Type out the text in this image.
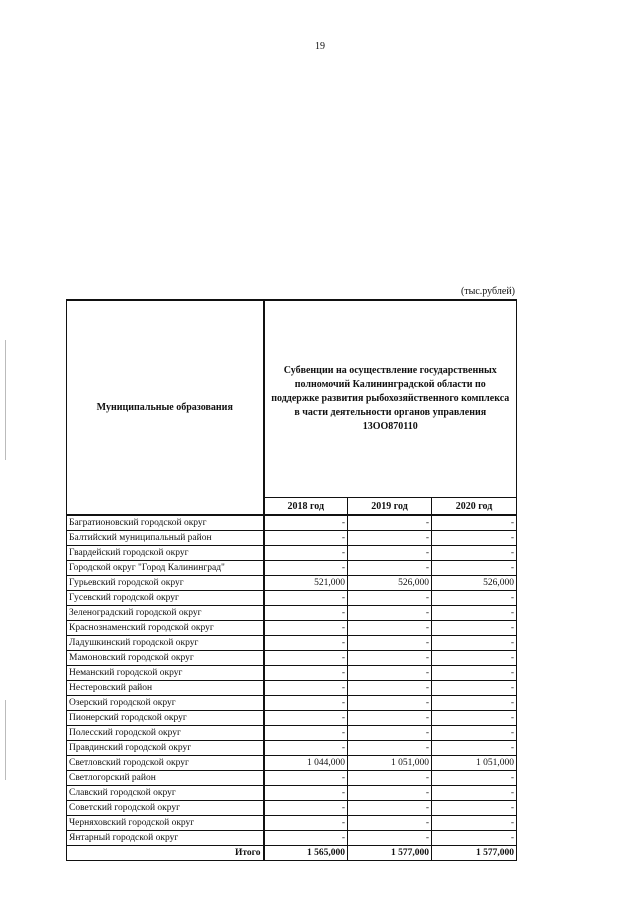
19
(тыс.рублей)
Муниципальные образования	Субвенции на осуществление государственных полномочий Калининградской области по поддержке развития рыбохозяйственного комплекса в части деятельности органов управления 13OO870110		
	2018 год	2019 год	2020 год
Багратионовский городской округ	-	-	-
Балтийский муниципальный район	-	-	-
Гвардейский городской округ	-	-	-
Городской округ "Город Калининград"	-	-	-
Гурьевский городской округ	521,000	526,000	526,000
Гусевский городской округ	-	-	-
Зеленоградский городской округ	-	-	-
Краснознаменский городской округ	-	-	-
Ладушкинский городской округ	-	-	-
Мамоновский городской округ	-	-	-
Неманский городской округ	-	-	-
Нестеровский район	-	-	-
Озерский городской округ	-	-	-
Пионерский городской округ	-	-	-
Полесский городской округ	-	-	-
Правдинский городской округ	-	-	-
Светловский городской округ	1 044,000	1 051,000	1 051,000
Светлогорский район	-	-	-
Славский городской округ	-	-	-
Советский городской округ	-	-	-
Черняховский городской округ	-	-	-
Янтарный городской округ	-	-	-
Итого	1 565,000	1 577,000	1 577,000
